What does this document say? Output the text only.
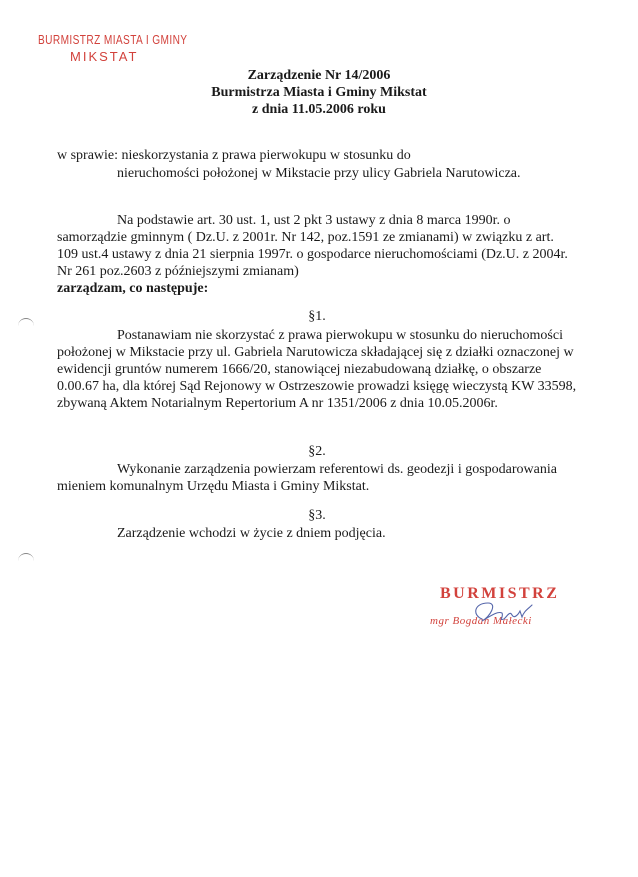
BURMISTRZ MIASTA I GMINY
MIKSTAT
Zarządzenie Nr 14/2006
Burmistrza Miasta i Gminy Mikstat
z dnia 11.05.2006 roku
w sprawie: nieskorzystania z prawa pierwokupu w stosunku do
nieruchomości położonej w Mikstacie przy ulicy Gabriela Narutowicza.
Na podstawie art. 30 ust. 1, ust 2 pkt 3 ustawy z dnia 8 marca 1990r. o samorządzie gminnym ( Dz.U. z 2001r. Nr 142, poz.1591 ze zmianami) w związku z art. 109 ust.4 ustawy z dnia 21 sierpnia 1997r. o gospodarce nieruchomościami (Dz.U. z 2004r. Nr 261 poz.2603 z późniejszymi zmianam)
zarządzam, co następuje:
§1.
Postanawiam nie skorzystać z prawa pierwokupu w stosunku do nieruchomości położonej w Mikstacie przy ul. Gabriela Narutowicza składającej się z działki oznaczonej w ewidencji gruntów numerem 1666/20, stanowiącej niezabudowaną działkę, o obszarze 0.00.67 ha, dla której Sąd Rejonowy w Ostrzeszowie prowadzi księgę wieczystą KW 33598, zbywaną Aktem Notarialnym Repertorium A nr 1351/2006 z dnia 10.05.2006r.
§2.
Wykonanie zarządzenia powierzam referentowi ds. geodezji i gospodarowania mieniem komunalnym Urzędu Miasta i Gminy Mikstat.
§3.
Zarządzenie wchodzi w życie z dniem podjęcia.
BURMISTRZ
mgr Bogdan Małecki
